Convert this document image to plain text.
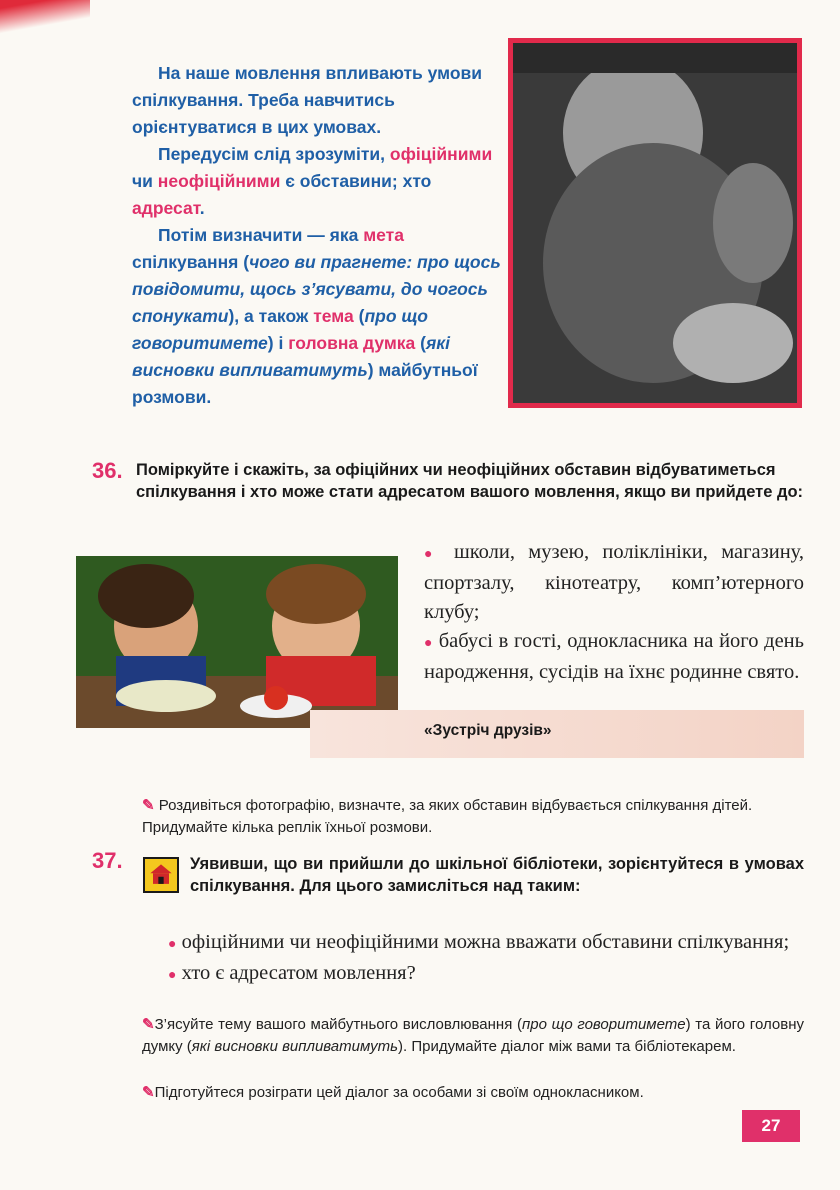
На наше мовлення впливають умови спілкування. Треба навчитись орієнтуватися в цих умовах.

Передусім слід зрозуміти, офіційними чи неофіційними є обставини; хто адресат.

Потім визначити — яка мета спілкування (чого ви прагнете: про щось повідомити, щось з’ясувати, до чогось спонукати), а також тема (про що говоритимете) і головна думка (які висновки випливатимуть) майбутньої розмови.

36. Поміркуйте і скажіть, за офіційних чи неофіційних обставин відбуватиметься спілкування і хто може стати адресатом вашого мовлення, якщо ви прийдете до:
● школи, музею, поліклініки, магазину, спортзалу, кінотеатру, комп’ютерного клубу;
● бабусі в гості, однокласника на його день народження, сусідів на їхнє родинне свято.
«Зустріч друзів»
✎ Роздивіться фотографію, визначте, за яких обставин відбувається спілкування дітей. Придумайте кілька реплік їхньої розмови.
37.	Уявивши, що ви прийшли до шкільної бібліотеки, зорієнтуйтеся в умовах спілкування. Для цього замисліться над таким:
● офіційними чи неофіційними можна вважати обставини спілкування;
● хто є адресатом мовлення?
✎З’ясуйте тему вашого майбутнього висловлювання (про що говоритимете) та його головну думку (які висновки випливатимуть). Придумайте діалог між вами та бібліотекарем.
✎Підготуйтеся розіграти цей діалог за особами зі своїм однокласником.
27
